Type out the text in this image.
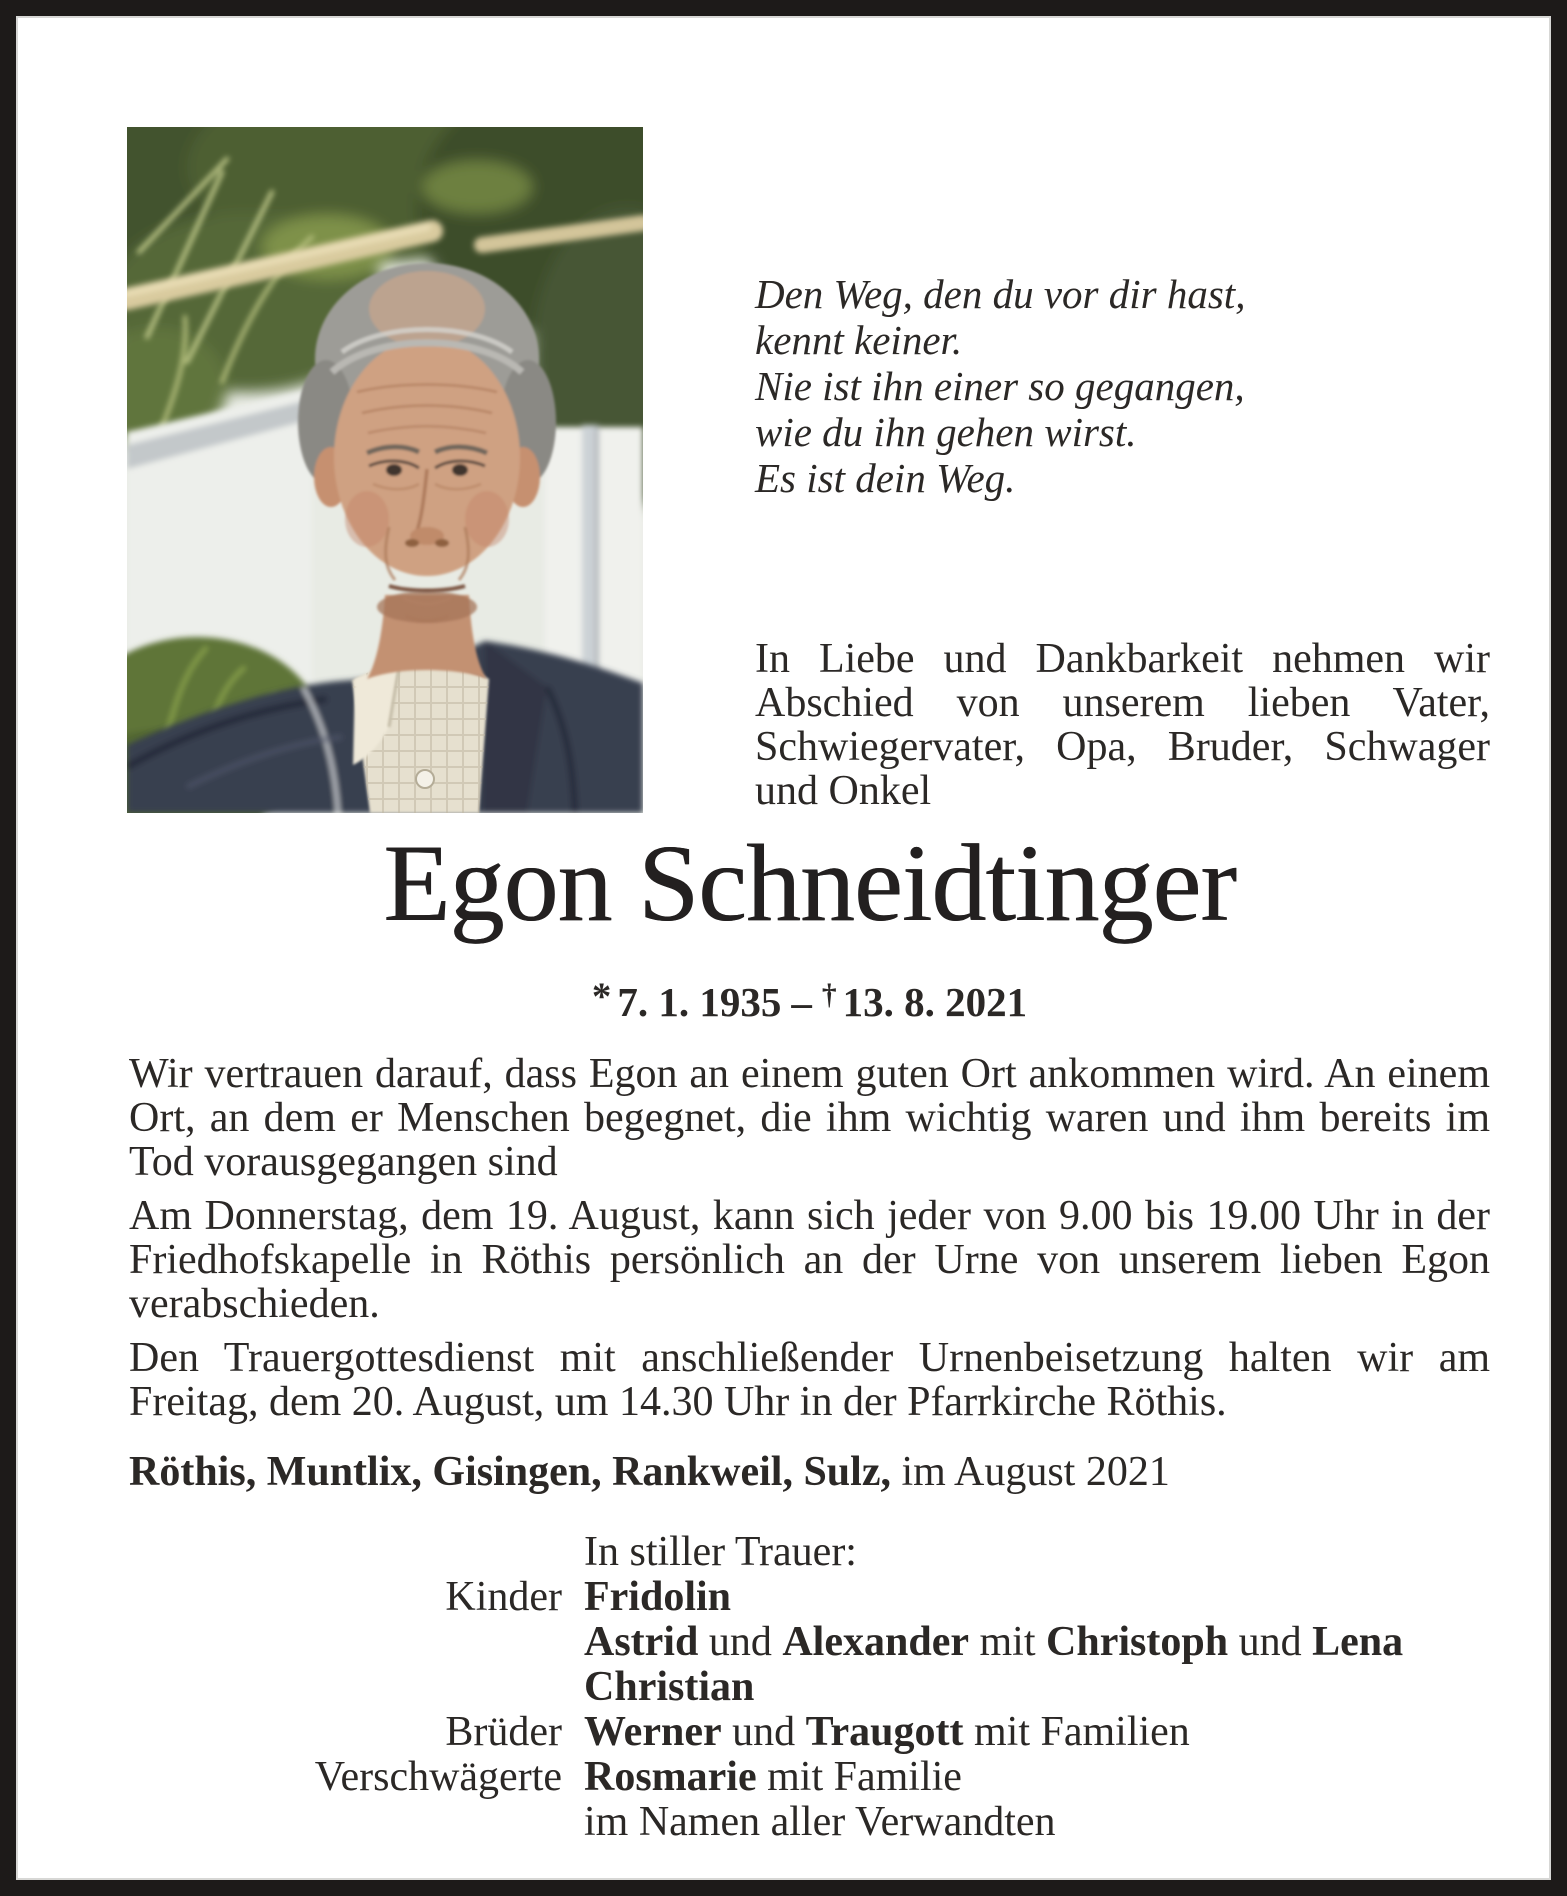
Den Weg, den du vor dir hast,
kennt keiner.
Nie ist ihn einer so gegangen,
wie du ihn gehen wirst.
Es ist dein Weg.
In Liebe und Dankbarkeit nehmen wir Abschied von unserem lieben Vater, Schwiegervater, Opa, Bruder, Schwager und Onkel
Egon Schneidtinger
* 7. 1. 1935 – † 13. 8. 2021

Wir vertrauen darauf, dass Egon an einem guten Ort ankommen wird. An einem Ort, an dem er Menschen begegnet, die ihm wichtig waren und ihm bereits im Tod vorausgegangen sind

Am Donnerstag, dem 19. August, kann sich jeder von 9.00 bis 19.00 Uhr in der Friedhofskapelle in Röthis persönlich an der Urne von unserem lieben Egon verabschieden.

Den Trauergottesdienst mit anschließender Urnenbeisetzung halten wir am Freitag, dem 20. August, um 14.30 Uhr in der Pfarrkirche Röthis.

Röthis, Muntlix, Gisingen, Rankweil, Sulz, im August 2021
In stiller Trauer:
Kinder Fridolin
Astrid und Alexander mit Christoph und Lena
Christian
Brüder Werner und Traugott mit Familien
Verschwägerte Rosmarie mit Familie
im Namen aller Verwandten
